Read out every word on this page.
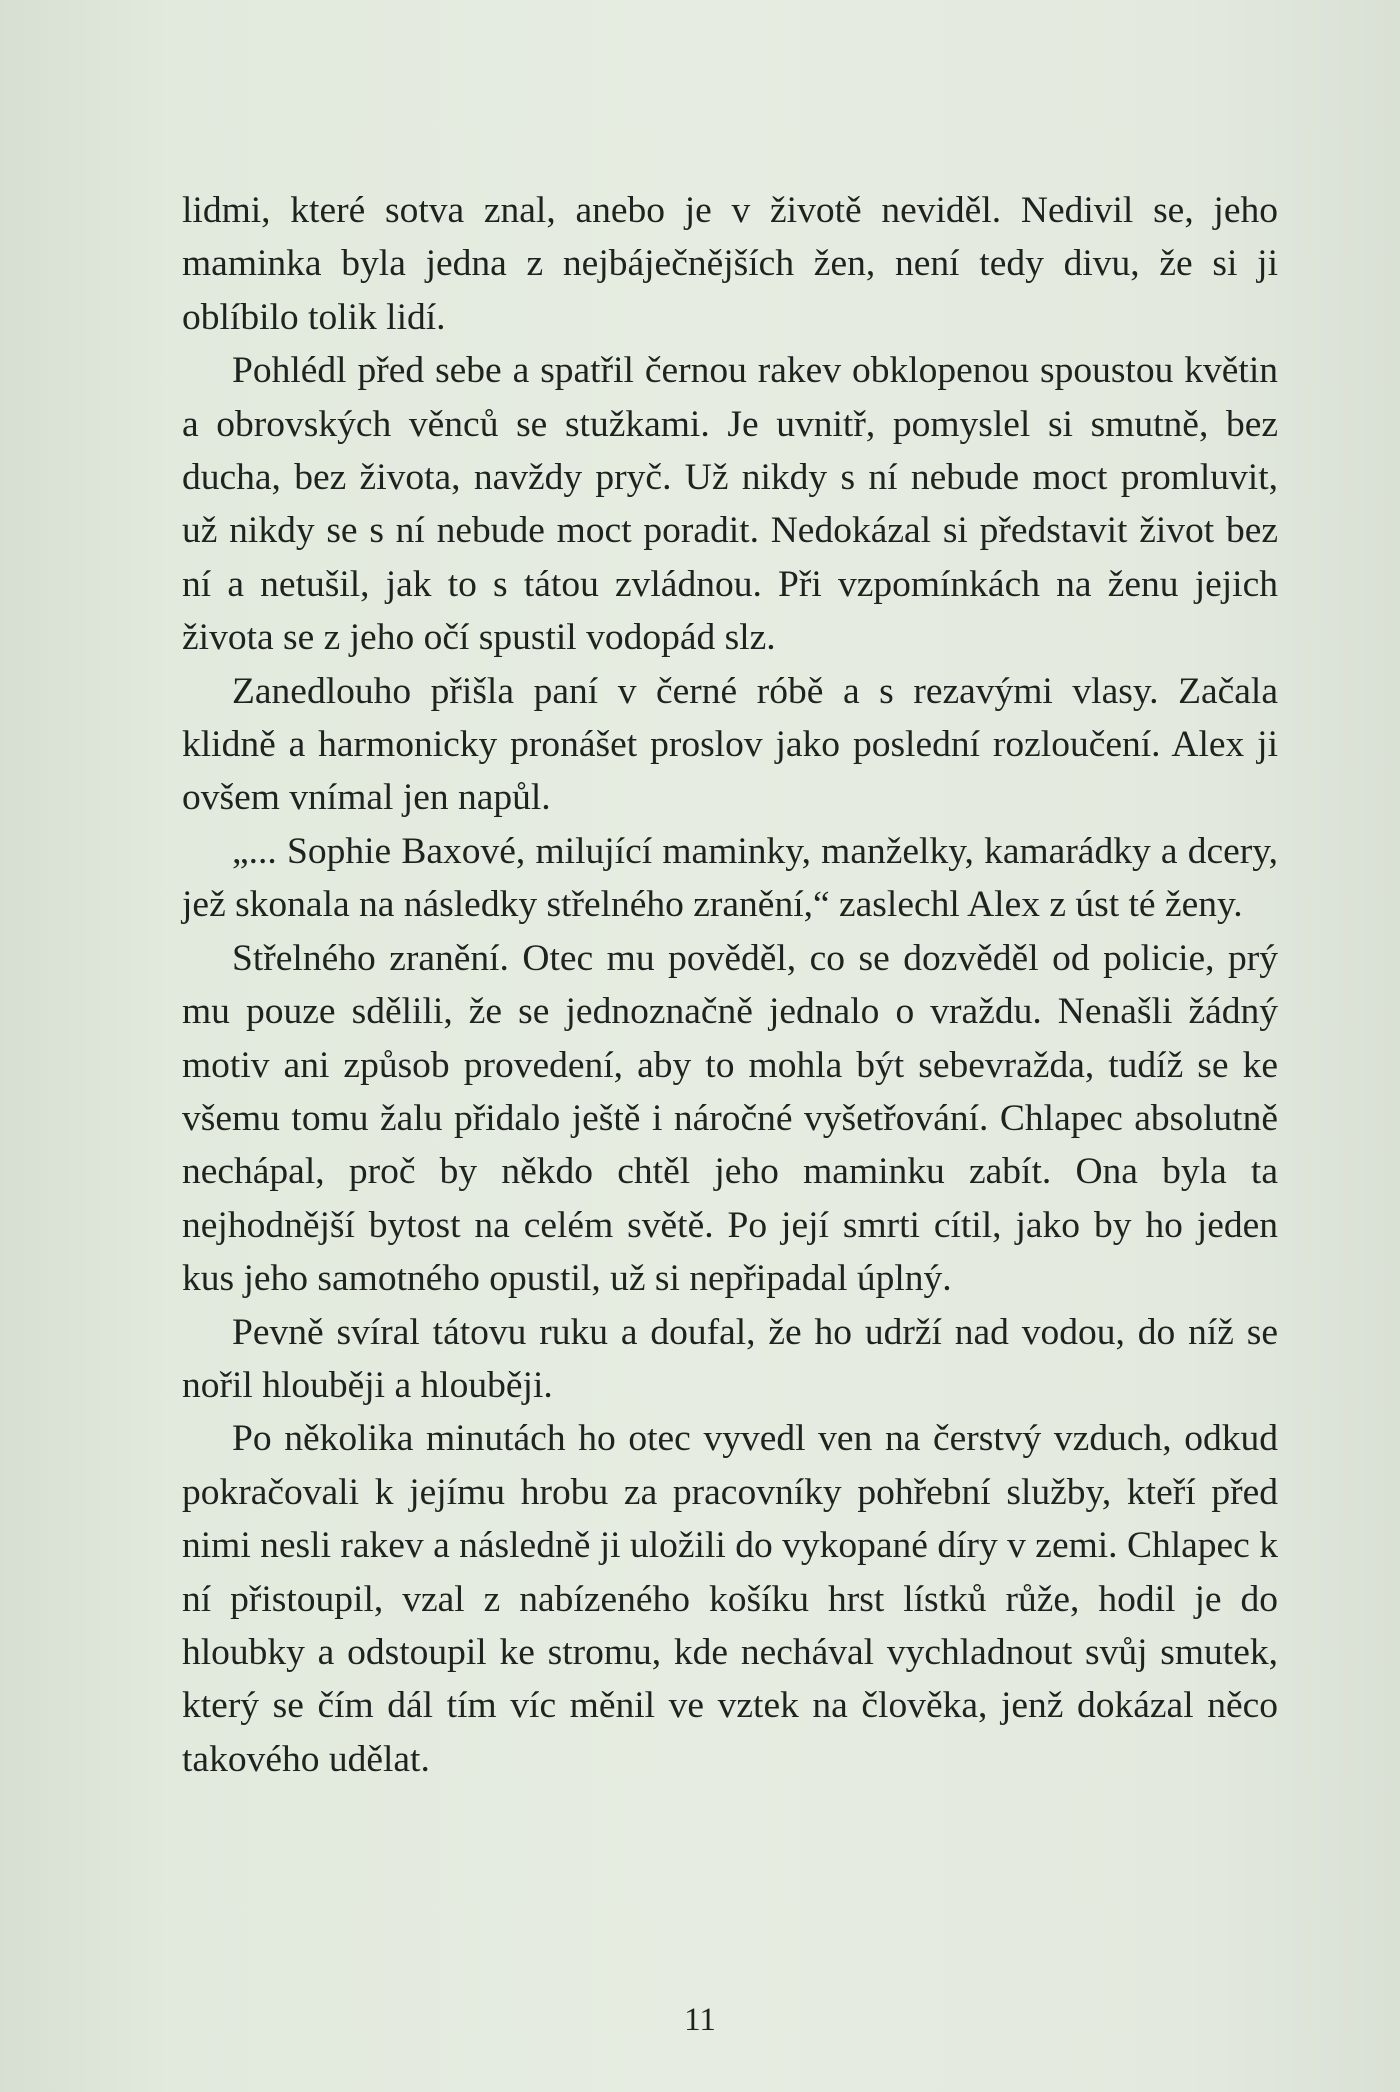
lidmi, které sotva znal, anebo je v životě neviděl. Nedivil se, jeho maminka byla jedna z nejbáječnějších žen, není tedy divu, že si ji oblíbilo tolik lidí.

Pohlédl před sebe a spatřil černou rakev obklopenou spoustou květin a obrovských věnců se stužkami. Je uvnitř, pomyslel si smutně, bez ducha, bez života, navždy pryč. Už nikdy s ní nebude moct promluvit, už nikdy se s ní nebude moct poradit. Nedokázal si představit život bez ní a netušil, jak to s tátou zvládnou. Při vzpomínkách na ženu jejich života se z jeho očí spustil vodopád slz.

Zanedlouho přišla paní v černé róbě a s rezavými vlasy. Začala klidně a harmonicky pronášet proslov jako poslední rozloučení. Alex ji ovšem vnímal jen napůl.

„... Sophie Baxové, milující maminky, manželky, kamarádky a dcery, jež skonala na následky střelného zranění,“ zaslechl Alex z úst té ženy.

Střelného zranění. Otec mu pověděl, co se dozvěděl od policie, prý mu pouze sdělili, že se jednoznačně jednalo o vraždu. Nenašli žádný motiv ani způsob provedení, aby to mohla být sebevražda, tudíž se ke všemu tomu žalu přidalo ještě i náročné vyšetřování. Chlapec absolutně nechápal, proč by někdo chtěl jeho maminku zabít. Ona byla ta nejhodnější bytost na celém světě. Po její smrti cítil, jako by ho jeden kus jeho samotného opustil, už si nepřipadal úplný.

Pevně svíral tátovu ruku a doufal, že ho udrží nad vodou, do níž se nořil hlouběji a hlouběji.

Po několika minutách ho otec vyvedl ven na čerstvý vzduch, odkud pokračovali k jejímu hrobu za pracovníky pohřební služby, kteří před nimi nesli rakev a následně ji uložili do vykopané díry v zemi. Chlapec k ní přistoupil, vzal z nabízeného košíku hrst lístků růže, hodil je do hloubky a odstoupil ke stromu, kde nechával vychladnout svůj smutek, který se čím dál tím víc měnil ve vztek na člověka, jenž dokázal něco takového udělat.

11
